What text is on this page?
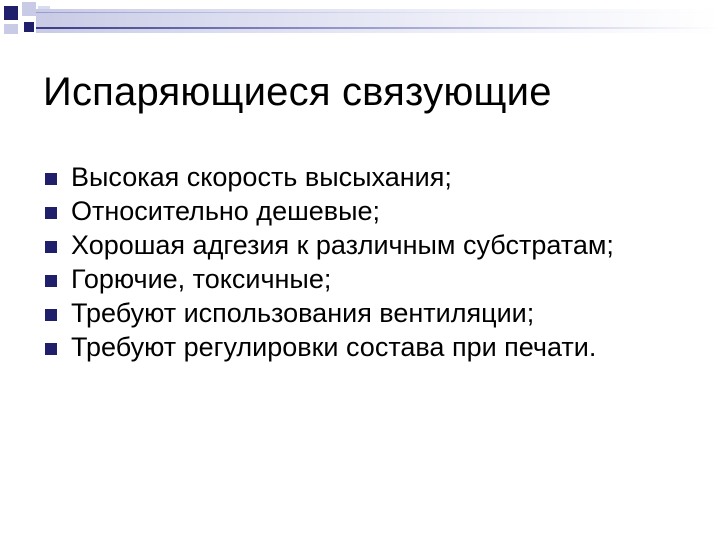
Испаряющиеся связующие
Высокая скорость высыхания;
Относительно дешевые;
Хорошая адгезия к различным субстратам;
Горючие, токсичные;
Требуют использования вентиляции;
Требуют регулировки состава при печати.
